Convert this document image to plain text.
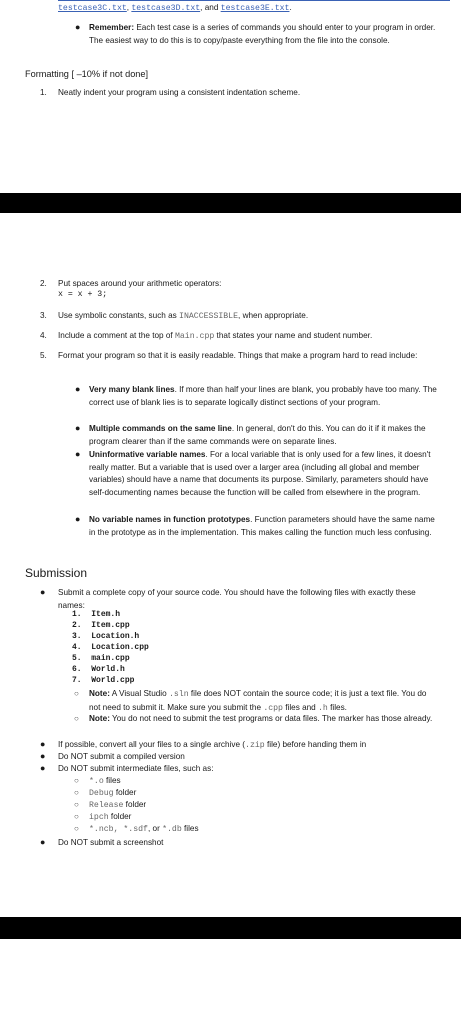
testcase3C.txt, testcase3D.txt, and testcase3E.txt.
● Remember: Each test case is a series of commands you should enter to your program in order. The easiest way to do this is to copy/paste everything from the file into the console.
Formatting [ –10% if not done]
1. Neatly indent your program using a consistent indentation scheme.
2. Put spaces around your arithmetic operators:
x = x + 3;
3. Use symbolic constants, such as INACCESSIBLE, when appropriate.
4. Include a comment at the top of Main.cpp that states your name and student number.
5. Format your program so that it is easily readable. Things that make a program hard to read include:
● Very many blank lines. If more than half your lines are blank, you probably have too many. The correct use of blank lies is to separate logically distinct sections of your program.
● Multiple commands on the same line. In general, don't do this. You can do it if it makes the program clearer than if the same commands were on separate lines.
● Uninformative variable names. For a local variable that is only used for a few lines, it doesn't really matter. But a variable that is used over a larger area (including all global and member variables) should have a name that documents its purpose. Similarly, parameters should have self-documenting names because the function will be called from elsewhere in the program.
● No variable names in function prototypes. Function parameters should have the same name in the prototype as in the implementation. This makes calling the function much less confusing.
Submission
● Submit a complete copy of your source code. You should have the following files with exactly these names:
1. Item.h
2. Item.cpp
3. Location.h
4. Location.cpp
5. main.cpp
6. World.h
7. World.cpp
○ Note: A Visual Studio .sln file does NOT contain the source code; it is just a text file. You do not need to submit it. Make sure you submit the .cpp files and .h files.
○ Note: You do not need to submit the test programs or data files. The marker has those already.
● If possible, convert all your files to a single archive (.zip file) before handing them in
● Do NOT submit a compiled version
● Do NOT submit intermediate files, such as:
○ *.o files
○ Debug folder
○ Release folder
○ ipch folder
○ *.ncb, *.sdf, or *.db files
● Do NOT submit a screenshot
